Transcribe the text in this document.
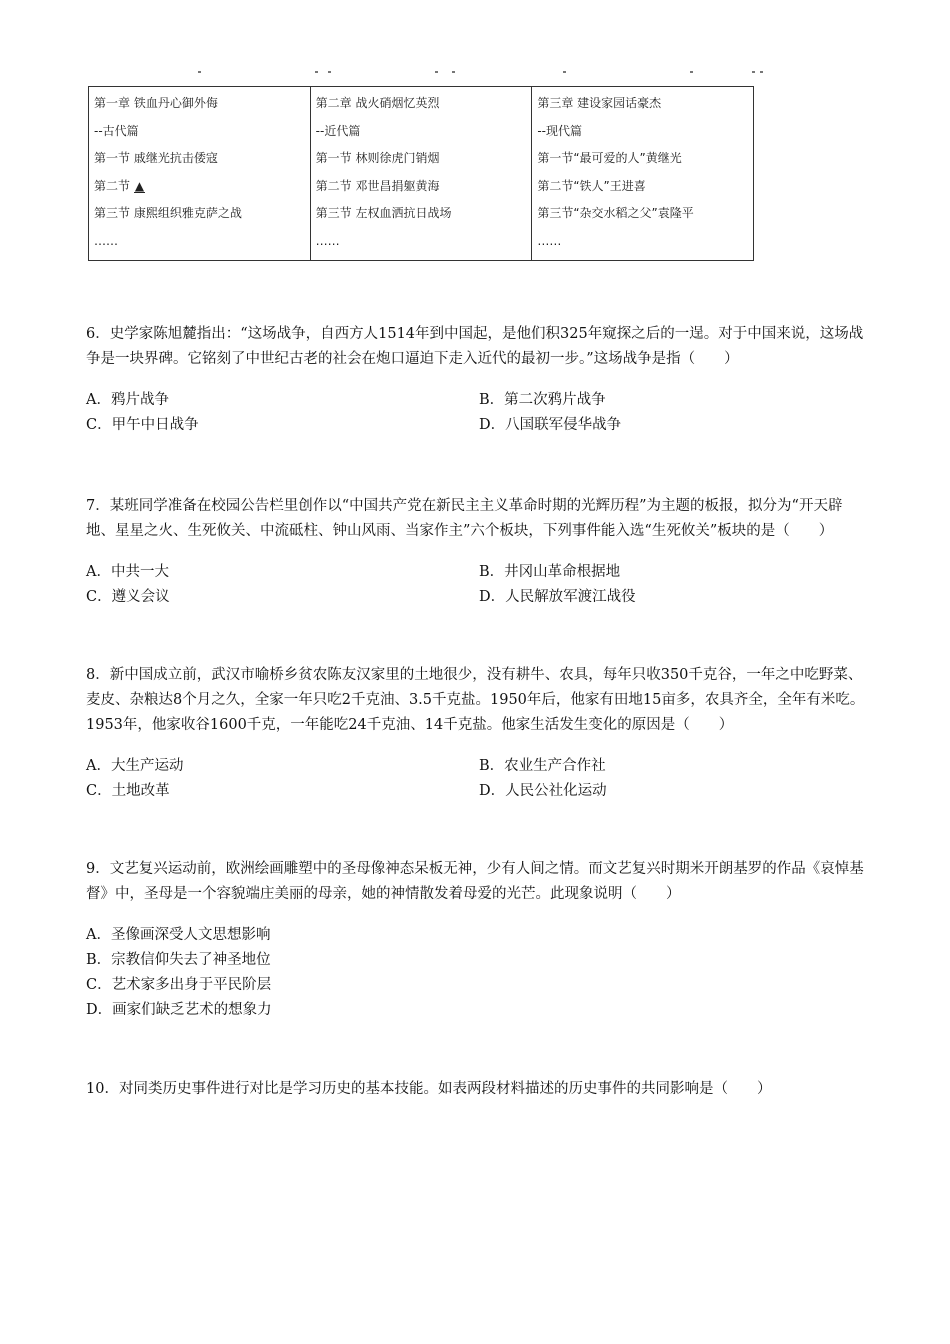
第一章 铁血丹心御外侮
--古代篇
第一节 戚继光抗击倭寇
第二节 ▲
第三节 康熙组织雅克萨之战
……

第二章 战火硝烟忆英烈
--近代篇
第一节 林则徐虎门销烟
第二节 邓世昌捐躯黄海
第三节 左权血洒抗日战场
……

第三章 建设家园话豪杰
--现代篇
第一节“最可爱的人”黄继光
第二节“铁人”王进喜
第三节“杂交水稻之父”袁隆平
……

6．史学家陈旭麓指出：“这场战争，自西方人1514年到中国起，是他们积325年窥探之后的一逞。对于中国来说，这场战争是一块界碑。它铭刻了中世纪古老的社会在炮口逼迫下走入近代的最初一步。”这场战争是指（　　）

A．鸦片战争	B．第二次鸦片战争
C．甲午中日战争	D．八国联军侵华战争

7．某班同学准备在校园公告栏里创作以“中国共产党在新民主主义革命时期的光辉历程”为主题的板报，拟分为“开天辟地、星星之火、生死攸关、中流砥柱、钟山风雨、当家作主”六个板块，下列事件能入选“生死攸关”板块的是（　　）

A．中共一大	B．井冈山革命根据地
C．遵义会议	D．人民解放军渡江战役

8．新中国成立前，武汉市喻桥乡贫农陈友汉家里的土地很少，没有耕牛、农具，每年只收350千克谷，一年之中吃野菜、麦皮、杂粮达8个月之久，全家一年只吃2千克油、3.5千克盐。1950年后，他家有田地15亩多，农具齐全，全年有米吃。1953年，他家收谷1600千克，一年能吃24千克油、14千克盐。他家生活发生变化的原因是（　　）

A．大生产运动	B．农业生产合作社
C．土地改革	D．人民公社化运动

9．文艺复兴运动前，欧洲绘画雕塑中的圣母像神态呆板无神，少有人间之情。而文艺复兴时期米开朗基罗的作品《哀悼基督》中，圣母是一个容貌端庄美丽的母亲，她的神情散发着母爱的光芒。此现象说明（　　）

A．圣像画深受人文思想影响
B．宗教信仰失去了神圣地位
C．艺术家多出身于平民阶层
D．画家们缺乏艺术的想象力

10．对同类历史事件进行对比是学习历史的基本技能。如表两段材料描述的历史事件的共同影响是（　　）
